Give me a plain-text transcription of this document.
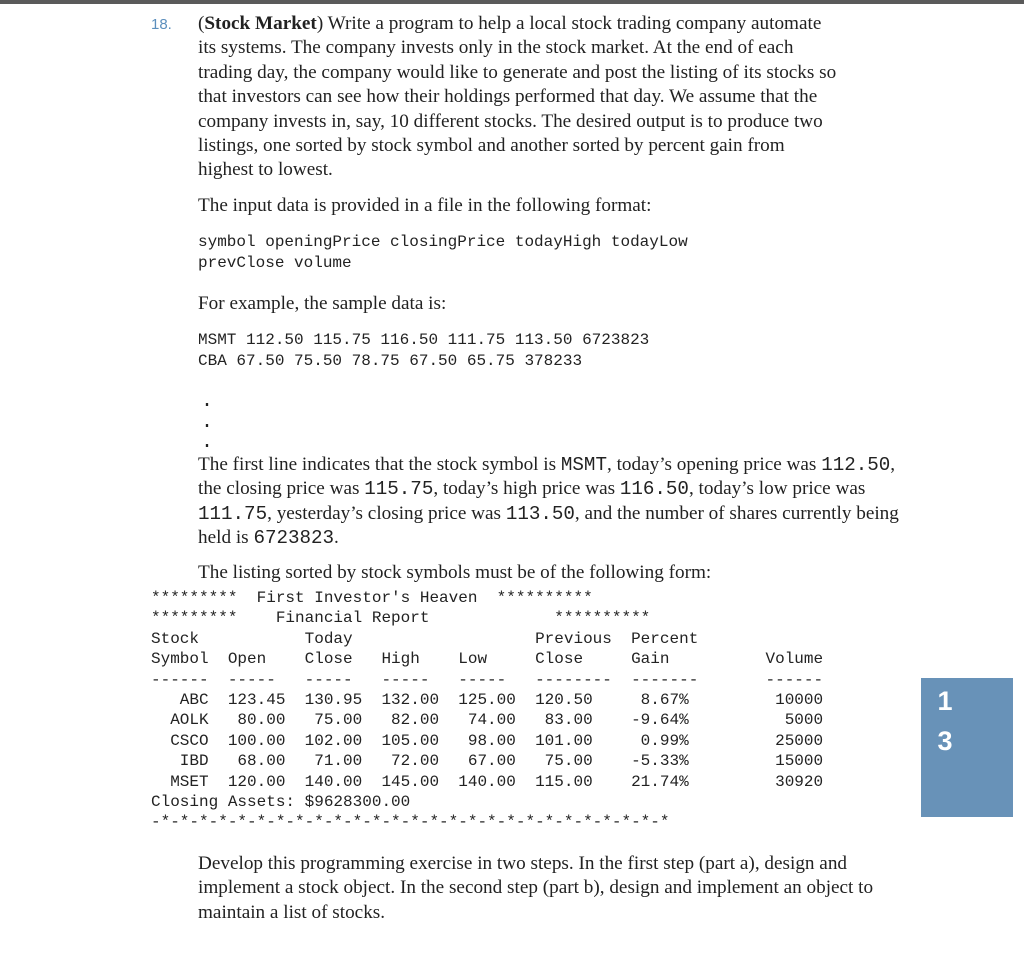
18. (Stock Market) Write a program to help a local stock trading company automate its systems. The company invests only in the stock market. At the end of each trading day, the company would like to generate and post the listing of its stocks so that investors can see how their holdings performed that day. We assume that the company invests in, say, 10 different stocks. The desired output is to produce two listings, one sorted by stock symbol and another sorted by percent gain from highest to lowest.

The input data is provided in a file in the following format:

symbol openingPrice closingPrice todayHigh todayLow
prevClose volume

For example, the sample data is:

MSMT 112.50 115.75 116.50 111.75 113.50 6723823
CBA 67.50 75.50 78.75 67.50 65.75 378233
.
.
.

The first line indicates that the stock symbol is MSMT, today’s opening price was 112.50, the closing price was 115.75, today’s high price was 116.50, today’s low price was 111.75, yesterday’s closing price was 113.50, and the number of shares currently being held is 6723823.

The listing sorted by stock symbols must be of the following form:

*********  First Investor's Heaven  **********
*********    Financial Report             **********
Stock           Today                   Previous  Percent
Symbol  Open    Close   High    Low     Close     Gain          Volume
------  -----   -----   -----   -----   --------  -------       ------
ABC  123.45  130.95  132.00  125.00  120.50     8.67%         10000
AOLK   80.00   75.00   82.00   74.00   83.00    -9.64%          5000
CSCO  100.00  102.00  105.00   98.00  101.00     0.99%         25000
IBD   68.00   71.00   72.00   67.00   75.00    -5.33%         15000
MSET  120.00  140.00  145.00  140.00  115.00    21.74%         30920
Closing Assets: $9628300.00
-*-*-*-*-*-*-*-*-*-*-*-*-*-*-*-*-*-*-*-*-*-*-*-*-*-*-*

Develop this programming exercise in two steps. In the first step (part a), design and implement a stock object. In the second step (part b), design and implement an object to maintain a list of stocks.

1
3
